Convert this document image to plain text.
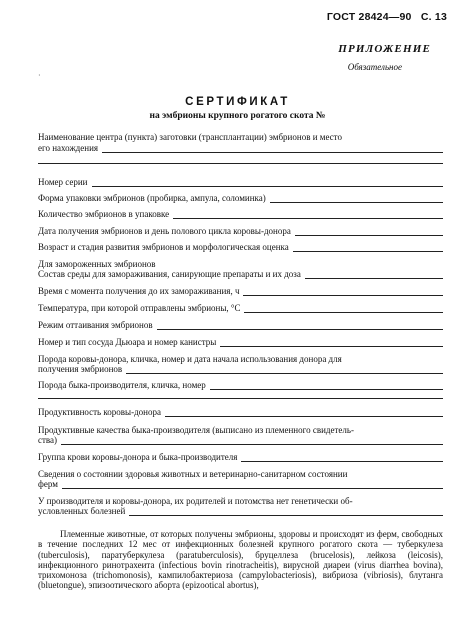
ГОСТ 28424—90 С. 13
ПРИЛОЖЕНИЕ
Обязательное
·
СЕРТИФИКАТ
на эмбрионы крупного рогатого скота №
Наименование центра (пункта) заготовки (трансплантации) эмбрионов и место
его нахождения
Номер серии
Форма упаковки эмбрионов (пробирка, ампула, соломинка)
Количество эмбрионов в упаковке
Дата получения эмбрионов и день полового цикла коровы-донора
Возраст и стадия развития эмбрионов и морфологическая оценка
Для замороженных эмбрионов
Состав среды для замораживания, санирующие препараты и их доза
Время с момента получения до их замораживания, ч
Температура, при которой отправлены эмбрионы, °С
Режим оттаивания эмбрионов
Номер и тип сосуда Дьюара и номер канистры
Порода коровы-донора, кличка, номер и дата начала использования донора для
получения эмбрионов
Порода быка-производителя, кличка, номер
Продуктивность коровы-донора
Продуктивные качества быка-производителя (выписано из племенного свидетель-
ства)
Группа крови коровы-донора и быка-производителя
Сведения о состоянии здоровья животных и ветеринарно-санитарном состоянии
ферм
У производителя и коровы-донора, их родителей и потомства нет генетически об-
условленных болезней
Племенные животные, от которых получены эмбрионы, здоровы и происходят из ферм, свободных в течение последних 12 мес от инфекционных болезней крупного рогатого скота — туберкулеза (tuberculosis), паратуберкулеза (paratuberculosis), бруцеллеза (brucelosis), лейкоза (leicosis), инфекционного ринотрахеита (infectious bovin rinotracheitis), вирусной диареи (virus diarrhea bovina), трихомоноза (trichomonosis), кампилобактериоза (campylobacteriosis), вибриоза (vibriosis), блутанга (bluetongue), эпизоотического аборта (epizootical abortus),
